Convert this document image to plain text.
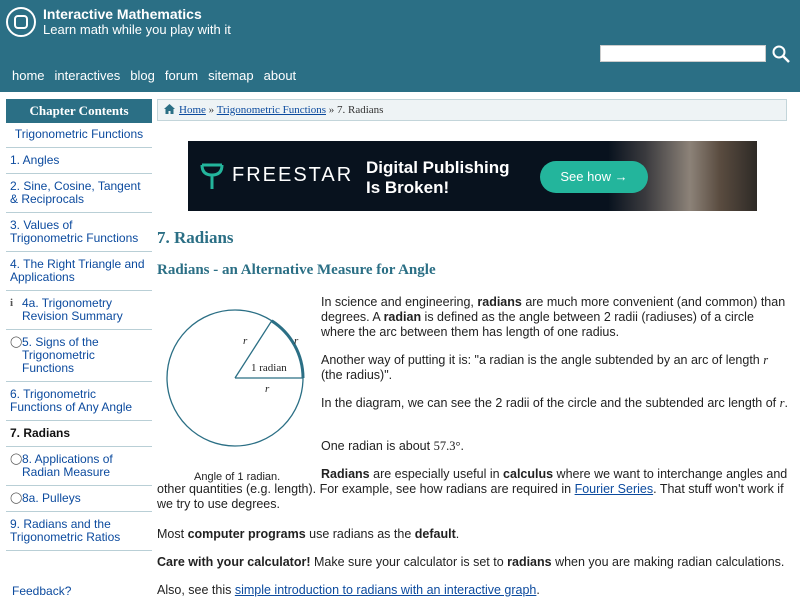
Interactive Mathematics
Learn math while you play with it
home interactives blog forum sitemap about
Chapter Contents
Trigonometric Functions
1. Angles
2. Sine, Cosine, Tangent & Reciprocals
3. Values of Trigonometric Functions
4. The Right Triangle and Applications
i 4a. Trigonometry Revision Summary
◯ 5. Signs of the Trigonometric Functions
6. Trigonometric Functions of Any Angle
7. Radians
◯ 8. Applications of Radian Measure
◯ 8a. Pulleys
9. Radians and the Trigonometric Ratios
Feedback?
Home » Trigonometric Functions » 7. Radians
FREESTAR Digital Publishing
Is Broken!
See how →
7. Radians
Radians - an Alternative Measure for Angle
r
r
r
1 radian
Angle of 1 radian.

In science and engineering, radians are much more convenient (and common) than degrees. A radian is defined as the angle between 2 radii (radiuses) of a circle where the arc between them has length of one radius.

Another way of putting it is: "a radian is the angle subtended by an arc of length r (the radius)".

In the diagram, we can see the 2 radii of the circle and the subtended arc length of r.

One radian is about 57.3°.

Radians are especially useful in calculus where we want to interchange angles and other quantities (e.g. length). For example, see how radians are required in Fourier Series. That stuff won't work if we try to use degrees.

Most computer programs use radians as the default.

Care with your calculator! Make sure your calculator is set to radians when you are making radian calculations.

Also, see this simple introduction to radians with an interactive graph.
